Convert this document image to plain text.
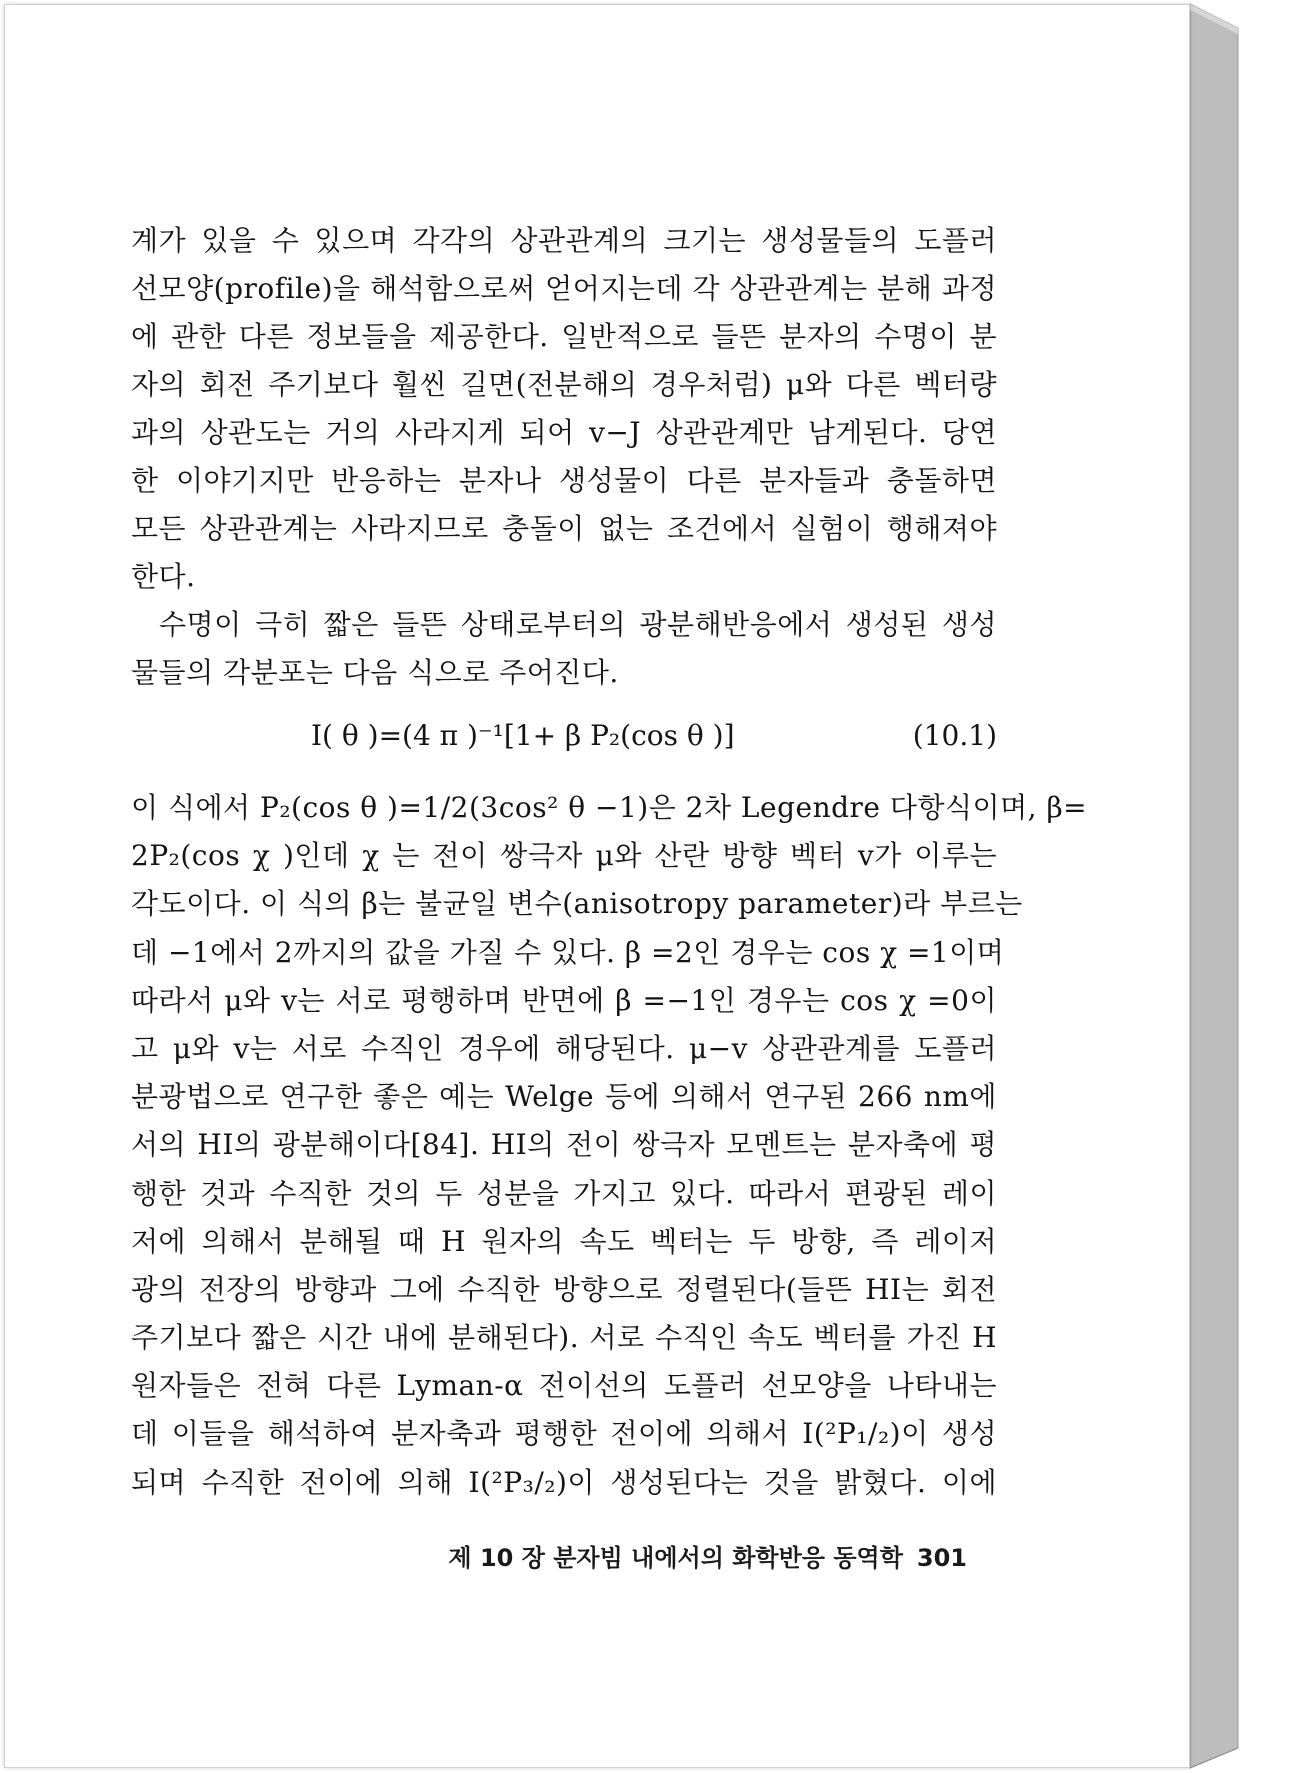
계가 있을 수 있으며 각각의 상관관계의 크기는 생성물들의 도플러
선모양(profile)을 해석함으로써 얻어지는데 각 상관관계는 분해 과정
에 관한 다른 정보들을 제공한다. 일반적으로 들뜬 분자의 수명이 분
자의 회전 주기보다 훨씬 길면(전분해의 경우처럼) μ와 다른 벡터량
과의 상관도는 거의 사라지게 되어 v−J 상관관계만 남게된다. 당연
한 이야기지만 반응하는 분자나 생성물이 다른 분자들과 충돌하면
모든 상관관계는 사라지므로 충돌이 없는 조건에서 실험이 행해져야
한다.
수명이 극히 짧은 들뜬 상태로부터의 광분해반응에서 생성된 생성
물들의 각분포는 다음 식으로 주어진다.
I( θ )=(4 π )⁻¹[1+ β P₂(cos θ )]	(10.1)
이 식에서 P₂(cos θ )=1/2(3cos² θ −1)은 2차 Legendre 다항식이며, β=
2P₂(cos χ )인데 χ 는 전이 쌍극자 μ와 산란 방향 벡터 v가 이루는
각도이다. 이 식의 β는 불균일 변수(anisotropy parameter)라 부르는
데 −1에서 2까지의 값을 가질 수 있다. β =2인 경우는 cos χ =1이며
따라서 μ와 v는 서로 평행하며 반면에 β =−1인 경우는 cos χ =0이
고 μ와 v는 서로 수직인 경우에 해당된다. μ−v 상관관계를 도플러
분광법으로 연구한 좋은 예는 Welge 등에 의해서 연구된 266 nm에
서의 HI의 광분해이다[84]. HI의 전이 쌍극자 모멘트는 분자축에 평
행한 것과 수직한 것의 두 성분을 가지고 있다. 따라서 편광된 레이
저에 의해서 분해될 때 H 원자의 속도 벡터는 두 방향, 즉 레이저
광의 전장의 방향과 그에 수직한 방향으로 정렬된다(들뜬 HI는 회전
주기보다 짧은 시간 내에 분해된다). 서로 수직인 속도 벡터를 가진 H
원자들은 전혀 다른 Lyman-α 전이선의 도플러 선모양을 나타내는
데 이들을 해석하여 분자축과 평행한 전이에 의해서 I(²P₁/₂)이 생성
되며 수직한 전이에 의해 I(²P₃/₂)이 생성된다는 것을 밝혔다. 이에
제 10 장 분자빔 내에서의 화학반응 동역학 301
